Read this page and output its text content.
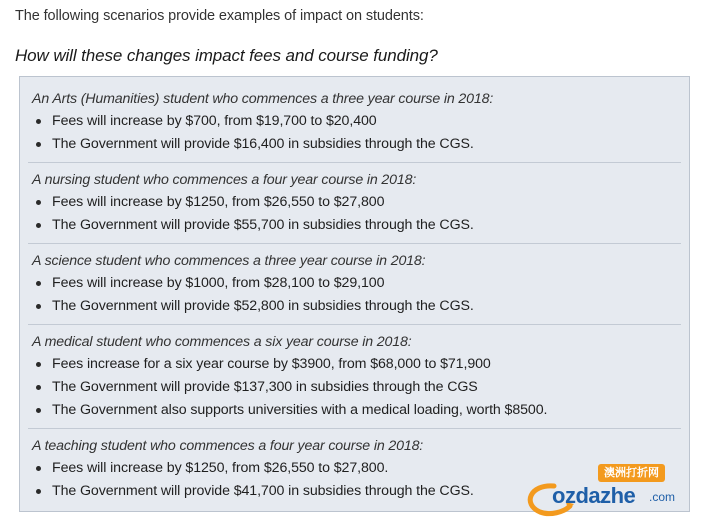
The following scenarios provide examples of impact on students:
How will these changes impact fees and course funding?
An Arts (Humanities) student who commences a three year course in 2018:
Fees will increase by $700, from $19,700 to $20,400
The Government will provide $16,400 in subsidies through the CGS.
A nursing student who commences a four year course in 2018:
Fees will increase by $1250, from $26,550 to $27,800
The Government will provide $55,700 in subsidies through the CGS.
A science student who commences a three year course in 2018:
Fees will increase by $1000, from $28,100 to $29,100
The Government will provide $52,800 in subsidies through the CGS.
A medical student who commences a six year course in 2018:
Fees increase for a six year course by $3900, from $68,000 to $71,900
The Government will provide $137,300 in subsidies through the CGS
The Government also supports universities with a medical loading, worth $8500.
A teaching student who commences a four year course in 2018:
Fees will increase by $1250, from $26,550 to $27,800.
The Government will provide $41,700 in subsidies through the CGS.
澳洲打折网
ozdazhe .com
